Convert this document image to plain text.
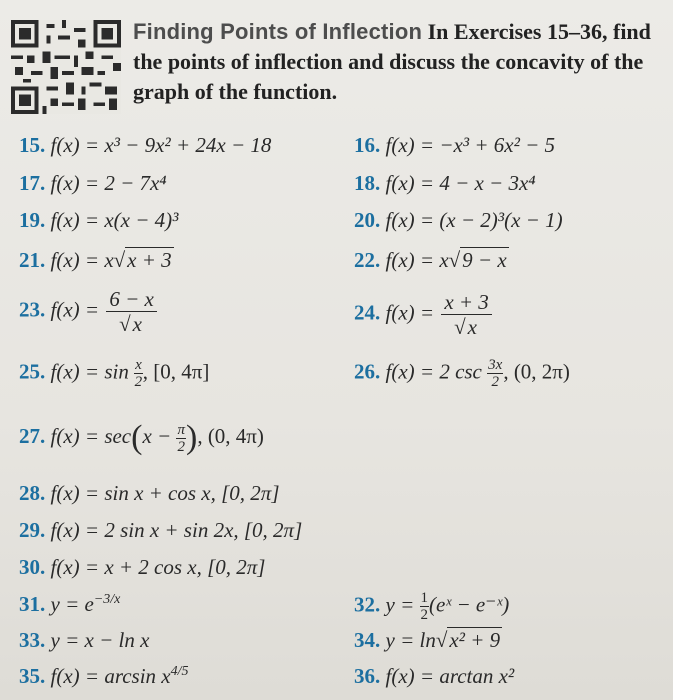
Finding Points of Inflection In Exercises 15–36, find the points of inflection and discuss the concavity of the graph of the function.
15. f(x) = x³ − 9x² + 24x − 18	16. f(x) = −x³ + 6x² − 5
17. f(x) = 2 − 7x⁴	18. f(x) = 4 − x − 3x⁴
19. f(x) = x(x − 4)³	20. f(x) = (x − 2)³(x − 1)
21. f(x) = x√x + 3	22. f(x) = x√9 − x
23. $f(x) = \frac{6 - x}{√x}$	24. $f(x) = \frac{x + 3}{√x}$
25. $f(x) = \sin \frac{x}{2}$ , [0, 4π]	26. f(x) = 2 $\csc \frac{3x}{2}$ , (0, 2π)
27. $f(x) = \sec(x - \frac{\pi}{2}$ ), (0, 4π)
28. f(x) = sin x + cos x, [0, 2π]
29. f(x) = 2 sin x + sin 2x, [0, 2π]
30. f(x) = x + 2 cos x, [0, 2π]
31. $y = e^{-3/x}$	32. $y = \frac{1}{2}$ (eˣ − e⁻ˣ)
33. y = x − ln x	34. y = ln√x² + 9
35. $f(x) = \arcsin x^{4/5}$	36. f(x) = arctan x²
